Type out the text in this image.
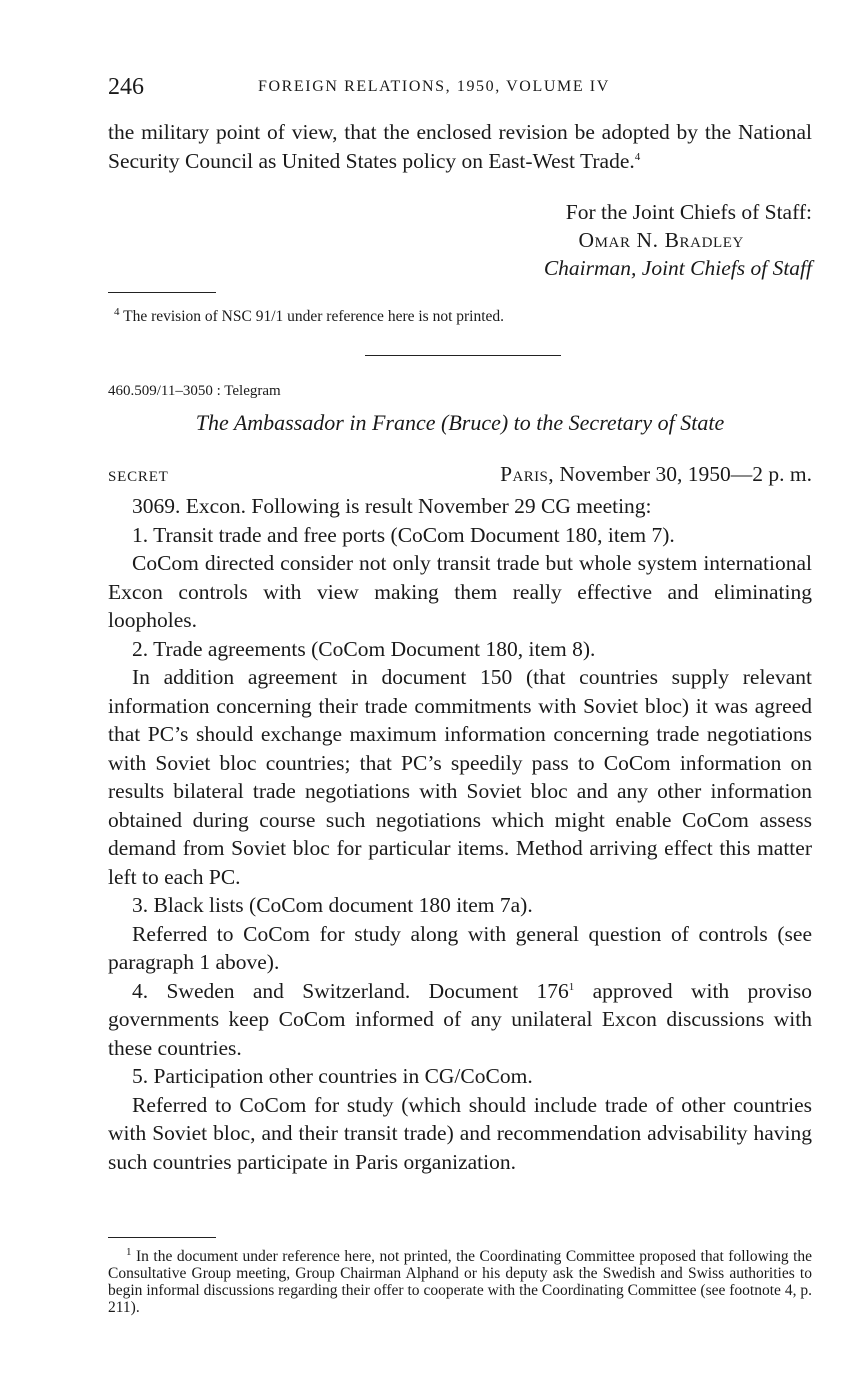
246	FOREIGN RELATIONS, 1950, VOLUME IV

the military point of view, that the enclosed revision be adopted by the National Security Council as United States policy on East-West Trade.$^4$

For the Joint Chiefs of Staff:
Omar N. Bradley
Chairman, Joint Chiefs of Staff

$^4$ The revision of NSC 91/1 under reference here is not printed.

460.509/11–3050 : Telegram
The Ambassador in France (Bruce) to the Secretary of State
SECRET	Paris, November 30, 1950—2 p. m.

3069. Excon. Following is result November 29 CG meeting:

1. Transit trade and free ports (CoCom Document 180, item 7).

CoCom directed consider not only transit trade but whole system international Excon controls with view making them really effective and eliminating loopholes.

2. Trade agreements (CoCom Document 180, item 8).

In addition agreement in document 150 (that countries supply relevant information concerning their trade commitments with Soviet bloc) it was agreed that PC’s should exchange maximum information concerning trade negotiations with Soviet bloc countries; that PC’s speedily pass to CoCom information on results bilateral trade negotiations with Soviet bloc and any other information obtained during course such negotiations which might enable CoCom assess demand from Soviet bloc for particular items. Method arriving effect this matter left to each PC.

3. Black lists (CoCom document 180 item 7a).

Referred to CoCom for study along with general question of controls (see paragraph 1 above).

4. Sweden and Switzerland. Document $176^1$ approved with proviso governments keep CoCom informed of any unilateral Excon discussions with these countries.

5. Participation other countries in CG/CoCom.

Referred to CoCom for study (which should include trade of other countries with Soviet bloc, and their transit trade) and recommendation advisability having such countries participate in Paris organization.

$^1$ In the document under reference here, not printed, the Coordinating Committee proposed that following the Consultative Group meeting, Group Chairman Alphand or his deputy ask the Swedish and Swiss authorities to begin informal discussions regarding their offer to cooperate with the Coordinating Committee (see footnote 4, p. 211).
